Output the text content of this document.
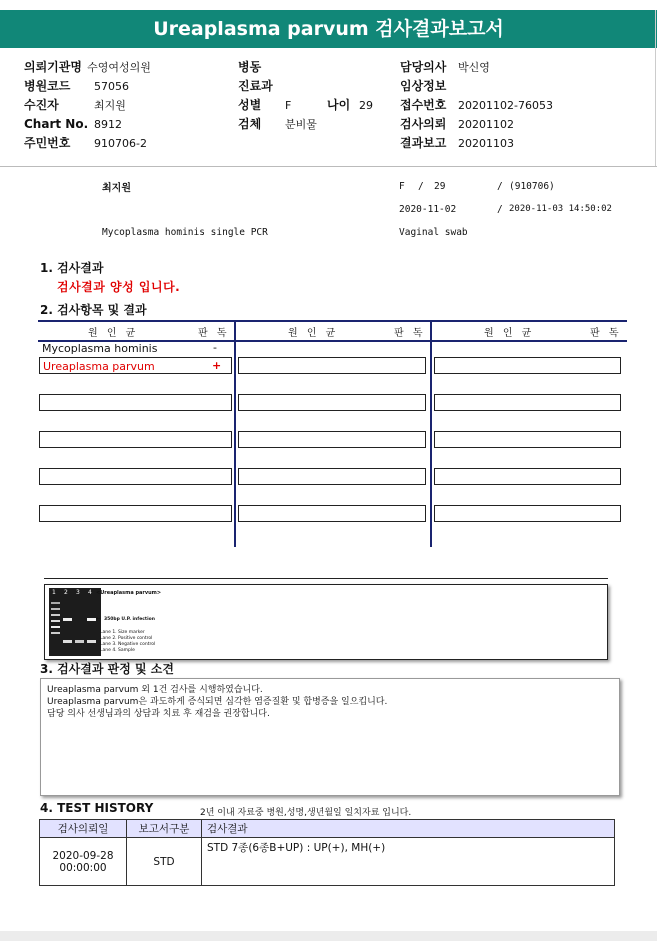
Ureaplasma parvum 검사결과보고서
의뢰기관명 수영여성의원
병원코드 57056
수진자	최지원
Chart No. 8912
주민번호 910706-2
병동
진료과
성별 F	나이 29
검체 분비물
담당의사 박신영
임상정보
접수번호 20201102-76053
검사의뢰 20201102
결과보고 20201103
최지원	F / 29	/ (910706)
2020-11-02	/ 2020-11-03 14:50:02
Mycoplasma hominis single PCR	Vaginal swab
1. 검사결과
검사결과 양성 입니다.
2. 검사항목 및 결과
원 인 균	판 독	원 인 균	판 독	원 인 균	판 독
Mycoplasma hominis	-
Ureaplasma parvum	+
1 2 3 4 <Ureaplasma parvum>
← 350bp U.P. infection
Lane 1. Size marker
Lane 2. Positive control
Lane 3. Negative control
Lane 4. Sample
3. 검사결과 판정 및 소견
Ureaplasma parvum 외 1건 검사를 시행하였습니다.
Ureaplasma parvum은 과도하게 증식되면 심각한 염증질환 및 합병증을 일으킵니다.
담당 의사 선생님과의 상담과 치료 후 재검을 권장합니다.
4. TEST HISTORY	2년 이내 자료중 병원,성명,생년월일 일치자료 입니다.
검사의뢰일	보고서구분	검사결과

2020-09-28
00:00:00	STD	STD 7종(6종B+UP) : UP(+), MH(+)
